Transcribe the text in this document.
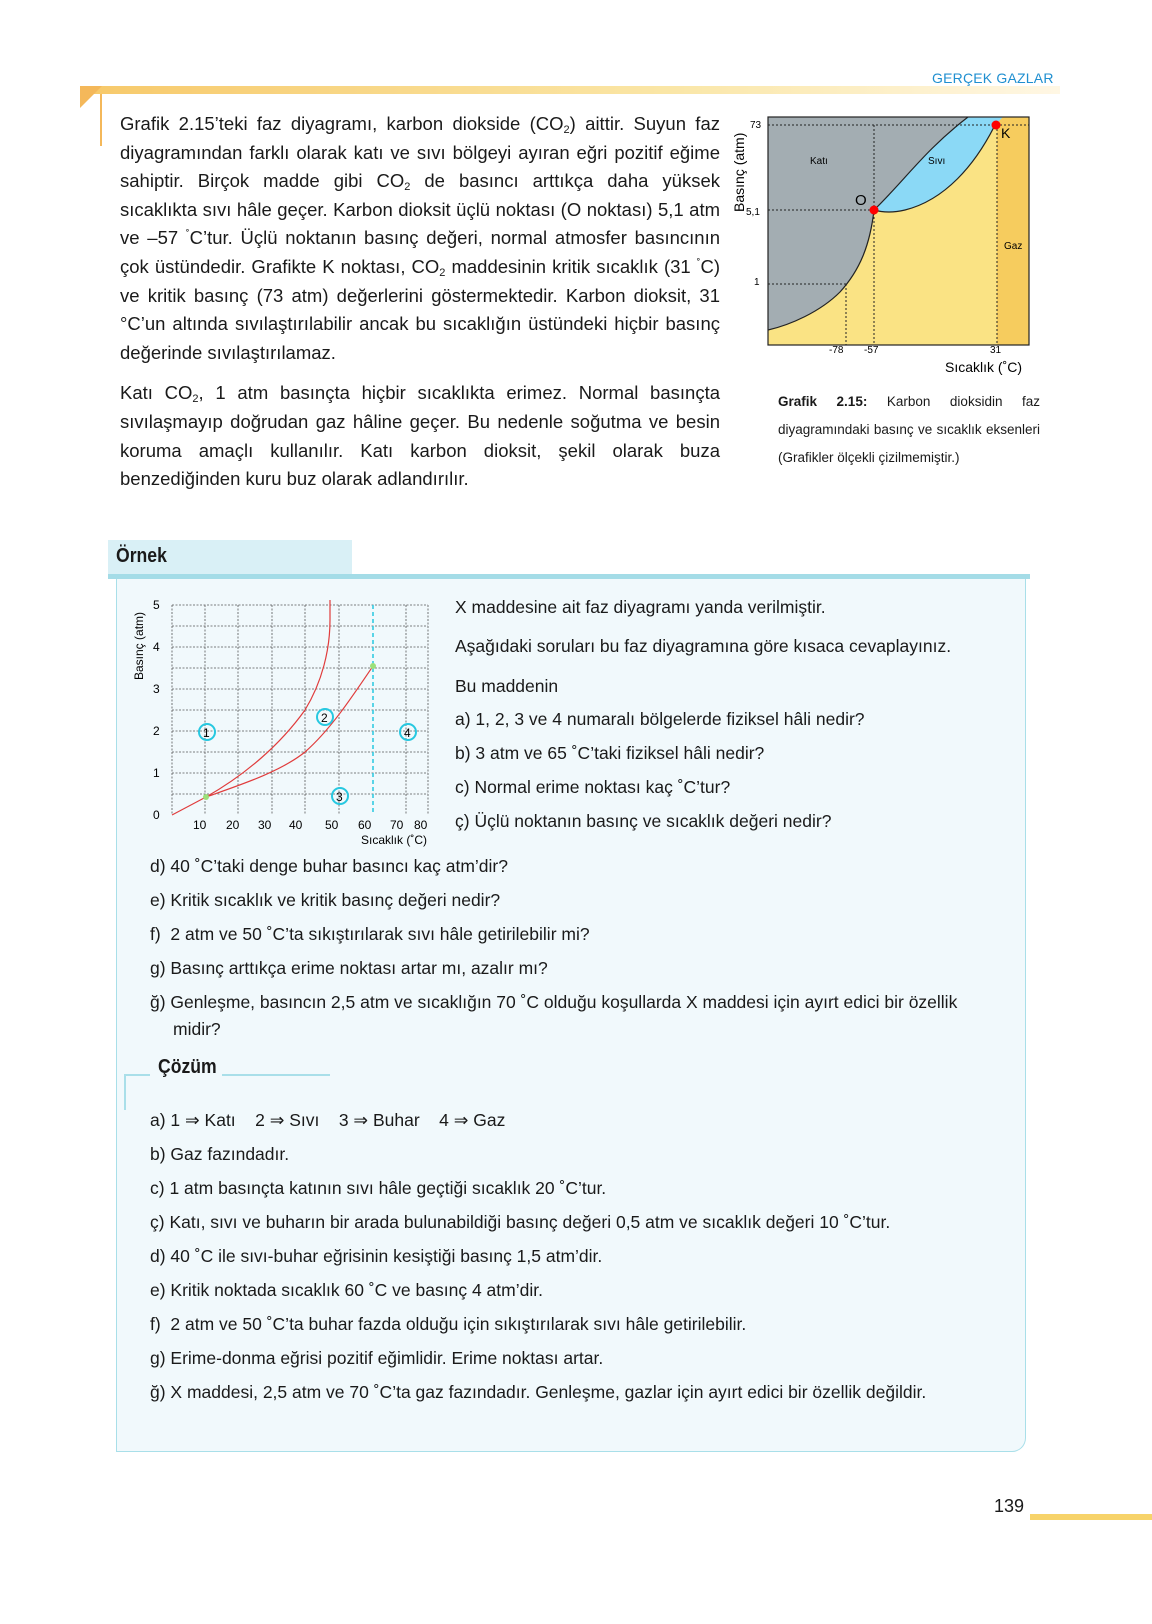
GERÇEK GAZLAR

Grafik 2.15’teki faz diyagramı, karbon diokside $(CO_2)$ aittir. Suyun faz diyagramından farklı olarak katı ve sıvı bölgeyi ayıran eğri pozitif eğime sahiptir. Birçok madde gibi $CO_2$ de basıncı arttıkça daha yüksek sıcaklıkta sıvı hâle geçer. Karbon dioksit üçlü noktası (O noktası) 5,1 atm ve –57 ˚C’tur. Üçlü noktanın basınç değeri, normal atmosfer basıncının çok üstündedir. Grafikte K noktası, $CO_2$ maddesinin kritik sıcaklık (31 ˚C) ve kritik basınç (73 atm) değerlerini göstermektedir. Karbon dioksit, 31 °C’un altında sıvılaştırılabilir ancak bu sıcaklığın üstündeki hiçbir basınç değerinde sıvılaştırılamaz.

Katı $CO_2$, 1 atm basınçta hiçbir sıcaklıkta erimez. Normal basınçta sıvılaşmayıp doğrudan gaz hâline geçer. Bu nedenle soğutma ve besin koruma amaçlı kullanılır. Katı karbon dioksit, şekil olarak buza benzediğinden kuru buz olarak adlandırılır.

O
K
Katı	Sıvı
Gaz
73
5,1
1
-78 -57	31
Basınç (atm)
Sıcaklık (˚C)
Grafik 2.15: Karbon dioksidin faz diyagramındaki basınç ve sıcaklık eksenleri (Grafikler ölçekli çizilmemiştir.)
Örnek
1
2
3
4
0
1
2
3
4
5
10 20 30 40 50 60 70 80
Basınç (atm)
Sıcaklık (˚C)
X maddesine ait faz diyagramı yanda verilmiştir.
Aşağıdaki soruları bu faz diyagramına göre kısaca cevaplayınız.
Bu maddenin
a) 1, 2, 3 ve 4 numaralı bölgelerde fiziksel hâli nedir?
b) 3 atm ve 65 ˚C’taki fiziksel hâli nedir?
c) Normal erime noktası kaç ˚C’tur?
ç) Üçlü noktanın basınç ve sıcaklık değeri nedir?
d) 40 ˚C’taki denge buhar basıncı kaç atm’dir?
e) Kritik sıcaklık ve kritik basınç değeri nedir?
f)  2 atm ve 50 ˚C’ta sıkıştırılarak sıvı hâle getirilebilir mi?
g) Basınç arttıkça erime noktası artar mı, azalır mı?
ğ) Genleşme, basıncın 2,5 atm ve sıcaklığın 70 ˚C olduğu koşullarda X maddesi için ayırt edici bir özellik
midir?
Çözüm
a) 1 ⇒ Katı    2 ⇒ Sıvı    3 ⇒ Buhar    4 ⇒ Gaz
b) Gaz fazındadır.
c) 1 atm basınçta katının sıvı hâle geçtiği sıcaklık 20 ˚C’tur.
ç) Katı, sıvı ve buharın bir arada bulunabildiği basınç değeri 0,5 atm ve sıcaklık değeri 10 ˚C’tur.
d) 40 ˚C ile sıvı-buhar eğrisinin kesiştiği basınç 1,5 atm’dir.
e) Kritik noktada sıcaklık 60 ˚C ve basınç 4 atm’dir.
f)  2 atm ve 50 ˚C’ta buhar fazda olduğu için sıkıştırılarak sıvı hâle getirilebilir.
g) Erime-donma eğrisi pozitif eğimlidir. Erime noktası artar.
ğ) X maddesi, 2,5 atm ve 70 ˚C’ta gaz fazındadır. Genleşme, gazlar için ayırt edici bir özellik değildir.
139
